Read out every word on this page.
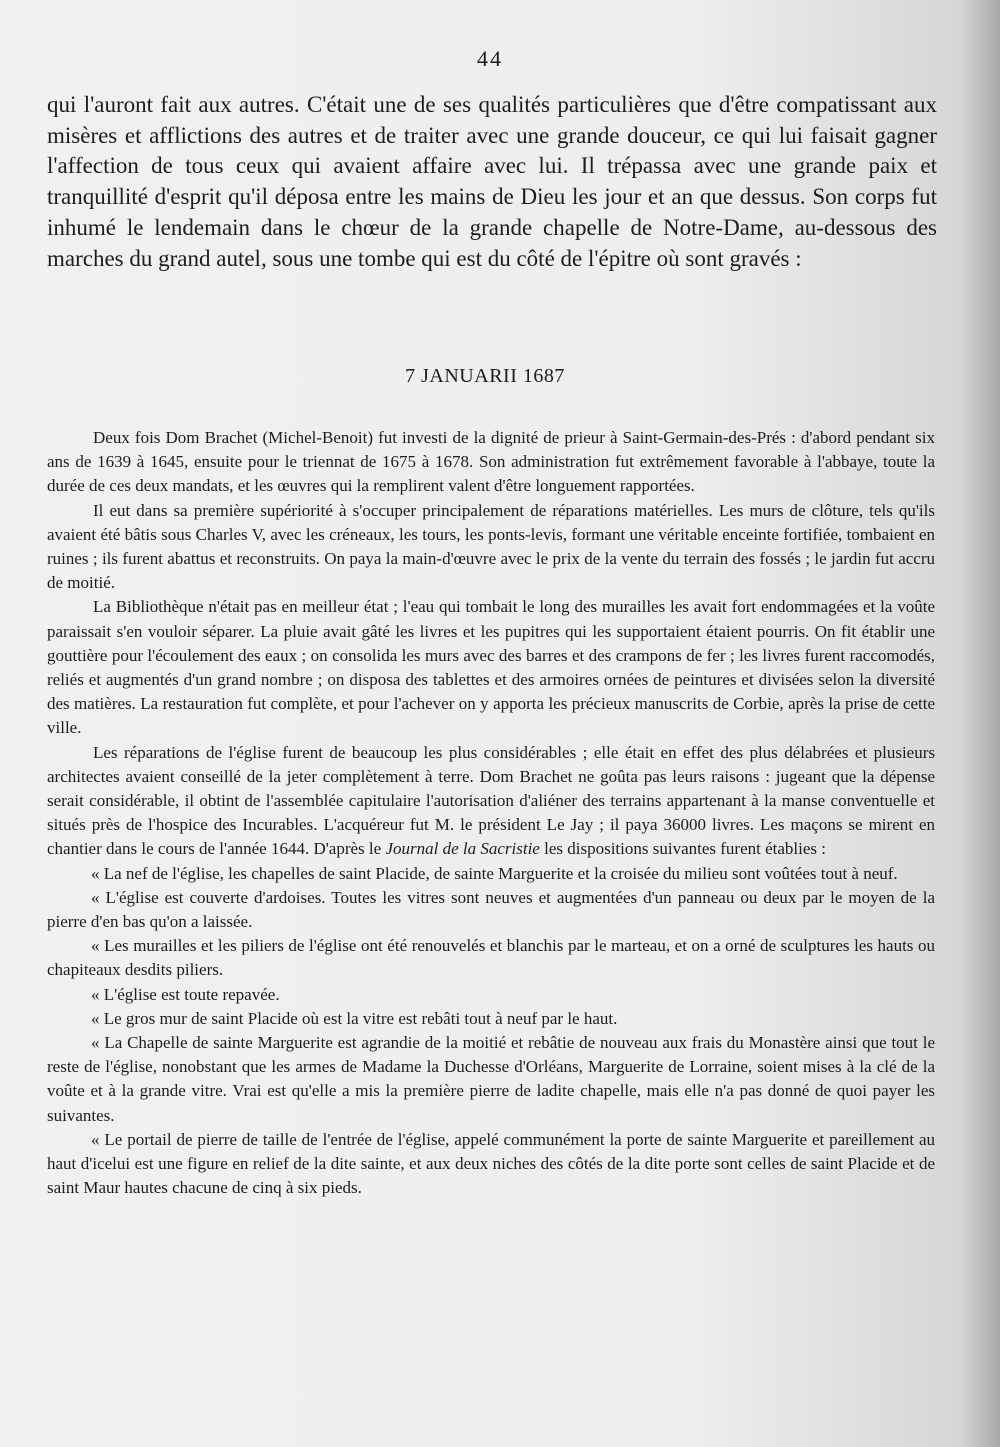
44

qui l'auront fait aux autres. C'était une de ses qualités particulières que d'être compatissant aux misères et afflictions des autres et de traiter avec une grande douceur, ce qui lui faisait gagner l'affection de tous ceux qui avaient affaire avec lui. Il trépassa avec une grande paix et tranquillité d'esprit qu'il déposa entre les mains de Dieu les jour et an que dessus. Son corps fut inhumé le lendemain dans le chœur de la grande chapelle de Notre-Dame, au-dessous des marches du grand autel, sous une tombe qui est du côté de l'épitre où sont gravés :

7 JANUARII 1687

Deux fois Dom Brachet (Michel-Benoit) fut investi de la dignité de prieur à Saint-Germain-des-Prés : d'abord pendant six ans de 1639 à 1645, ensuite pour le triennat de 1675 à 1678. Son administration fut extrêmement favorable à l'abbaye, toute la durée de ces deux mandats, et les œuvres qui la remplirent valent d'être longuement rapportées.

Il eut dans sa première supériorité à s'occuper principalement de réparations matérielles. Les murs de clôture, tels qu'ils avaient été bâtis sous Charles V, avec les créneaux, les tours, les ponts-levis, formant une véritable enceinte fortifiée, tombaient en ruines ; ils furent abattus et reconstruits. On paya la main-d'œuvre avec le prix de la vente du terrain des fossés ; le jardin fut accru de moitié.

La Bibliothèque n'était pas en meilleur état ; l'eau qui tombait le long des murailles les avait fort endommagées et la voûte paraissait s'en vouloir séparer. La pluie avait gâté les livres et les pupitres qui les supportaient étaient pourris. On fit établir une gouttière pour l'écoulement des eaux ; on consolida les murs avec des barres et des crampons de fer ; les livres furent raccomodés, reliés et augmentés d'un grand nombre ; on disposa des tablettes et des armoires ornées de peintures et divisées selon la diversité des matières. La restauration fut complète, et pour l'achever on y apporta les précieux manuscrits de Corbie, après la prise de cette ville.

Les réparations de l'église furent de beaucoup les plus considérables ; elle était en effet des plus délabrées et plusieurs architectes avaient conseillé de la jeter complètement à terre. Dom Brachet ne goûta pas leurs raisons : jugeant que la dépense serait considérable, il obtint de l'assemblée capitulaire l'autorisation d'aliéner des terrains appartenant à la manse conventuelle et situés près de l'hospice des Incurables. L'acquéreur fut M. le président Le Jay ; il paya 36000 livres. Les maçons se mirent en chantier dans le cours de l'année 1644. D'après le Journal de la Sacristie les dispositions suivantes furent établies :

« La nef de l'église, les chapelles de saint Placide, de sainte Marguerite et la croisée du milieu sont voûtées tout à neuf.

« L'église est couverte d'ardoises. Toutes les vitres sont neuves et augmentées d'un panneau ou deux par le moyen de la pierre d'en bas qu'on a laissée.

« Les murailles et les piliers de l'église ont été renouvelés et blanchis par le marteau, et on a orné de sculptures les hauts ou chapiteaux desdits piliers.

« L'église est toute repavée.

« Le gros mur de saint Placide où est la vitre est rebâti tout à neuf par le haut.

« La Chapelle de sainte Marguerite est agrandie de la moitié et rebâtie de nouveau aux frais du Monastère ainsi que tout le reste de l'église, nonobstant que les armes de Madame la Duchesse d'Orléans, Marguerite de Lorraine, soient mises à la clé de la voûte et à la grande vitre. Vrai est qu'elle a mis la première pierre de ladite chapelle, mais elle n'a pas donné de quoi payer les suivantes.

« Le portail de pierre de taille de l'entrée de l'église, appelé communément la porte de sainte Marguerite et pareillement au haut d'icelui est une figure en relief de la dite sainte, et aux deux niches des côtés de la dite porte sont celles de saint Placide et de saint Maur hautes chacune de cinq à six pieds.
